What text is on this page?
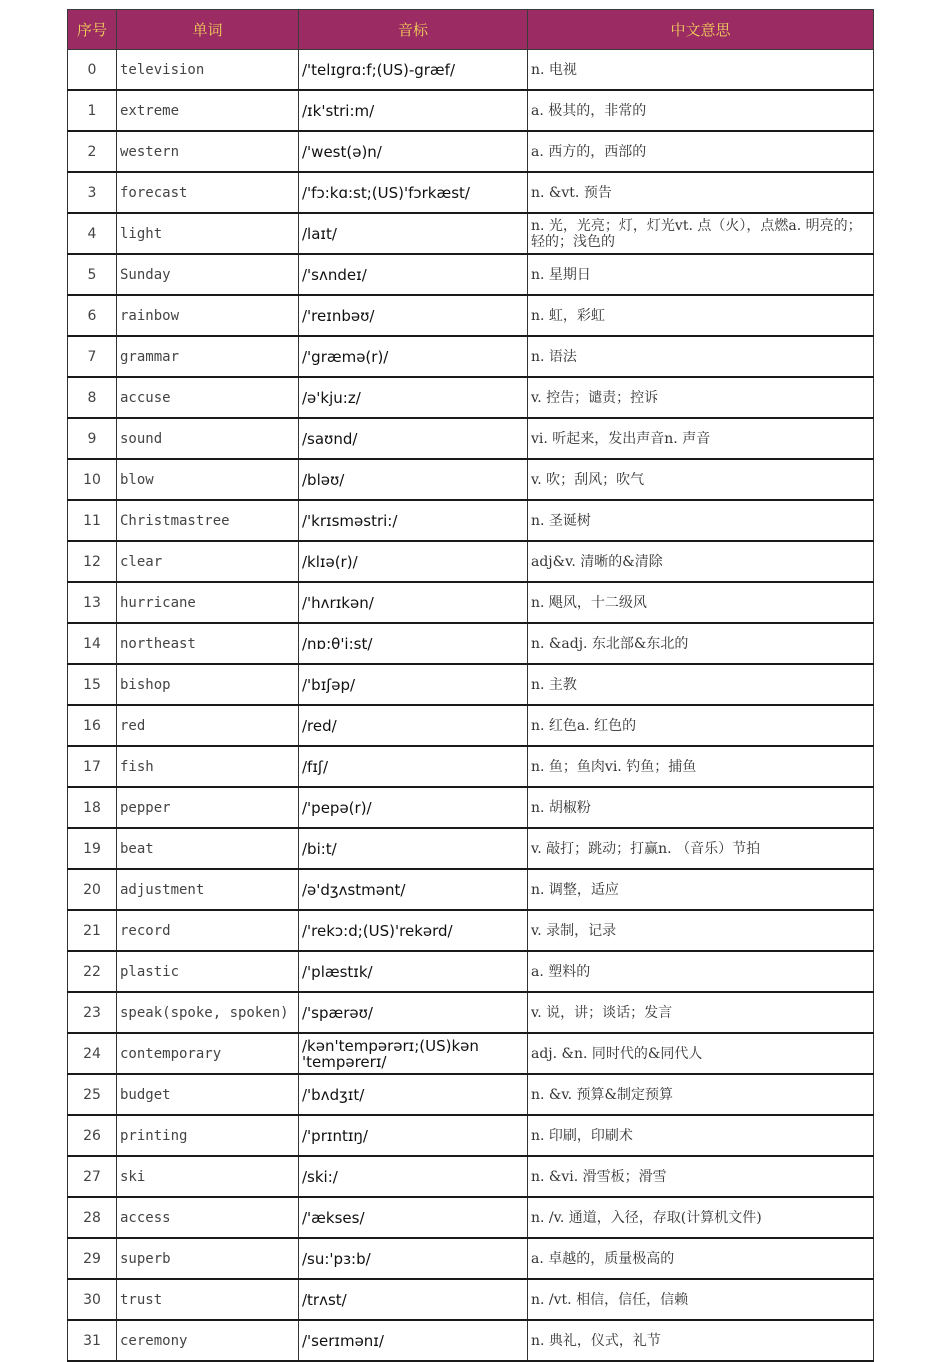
序号	单词	音标	中文意思
0	television	/'telɪgrɑ:f;(US)-græf/	n. 电视
1	extreme	/ɪk'stri:m/	a. 极其的，非常的
2	western	/'west(ə)n/	a. 西方的，西部的
3	forecast	/'fɔ:kɑ:st;(US)'fɔrkæst/	n. &vt. 预告
4	light	/laɪt/	n. 光，光亮；灯，灯光vt. 点（火），点燃a. 明亮的；轻的；浅色的
5	Sunday	/'sʌndeɪ/	n. 星期日
6	rainbow	/'reɪnbəʊ/	n. 虹，彩虹
7	grammar	/'græmə(r)/	n. 语法
8	accuse	/ə'kju:z/	v. 控告；谴责；控诉
9	sound	/saʊnd/	vi. 听起来，发出声音n. 声音
10	blow	/bləʊ/	v. 吹；刮风；吹气
11	Christmastree	/'krɪsməstri:/	n. 圣诞树
12	clear	/klɪə(r)/	adj&v. 清晰的&清除
13	hurricane	/'hʌrɪkən/	n. 飓风，十二级风
14	northeast	/nɒ:θ'i:st/	n. &adj. 东北部&东北的
15	bishop	/'bɪʃəp/	n. 主教
16	red	/red/	n. 红色a. 红色的
17	fish	/fɪʃ/	n. 鱼；鱼肉vi. 钓鱼；捕鱼
18	pepper	/'pepə(r)/	n. 胡椒粉
19	beat	/bi:t/	v. 敲打；跳动；打赢n. （音乐）节拍
20	adjustment	/ə'dʒʌstmənt/	n. 调整，适应
21	record	/'rekɔ:d;(US)'rekərd/	v. 录制，记录
22	plastic	/'plæstɪk/	a. 塑料的
23	speak(spoke, spoken)	/'spærəʊ/	v. 说，讲；谈话；发言
24	contemporary	/kən'tempərərɪ;(US)kən 'tempərerɪ/	adj. &n. 同时代的&同代人
25	budget	/'bʌdʒɪt/	n. &v. 预算&制定预算
26	printing	/'prɪntɪŋ/	n. 印刷，印刷术
27	ski	/ski:/	n. &vi. 滑雪板；滑雪
28	access	/'ækses/	n. /v. 通道，入径，存取(计算机文件)
29	superb	/su:'pɜ:b/	a. 卓越的，质量极高的
30	trust	/trʌst/	n. /vt. 相信，信任，信赖
31	ceremony	/'serɪmənɪ/	n. 典礼，仪式，礼节
